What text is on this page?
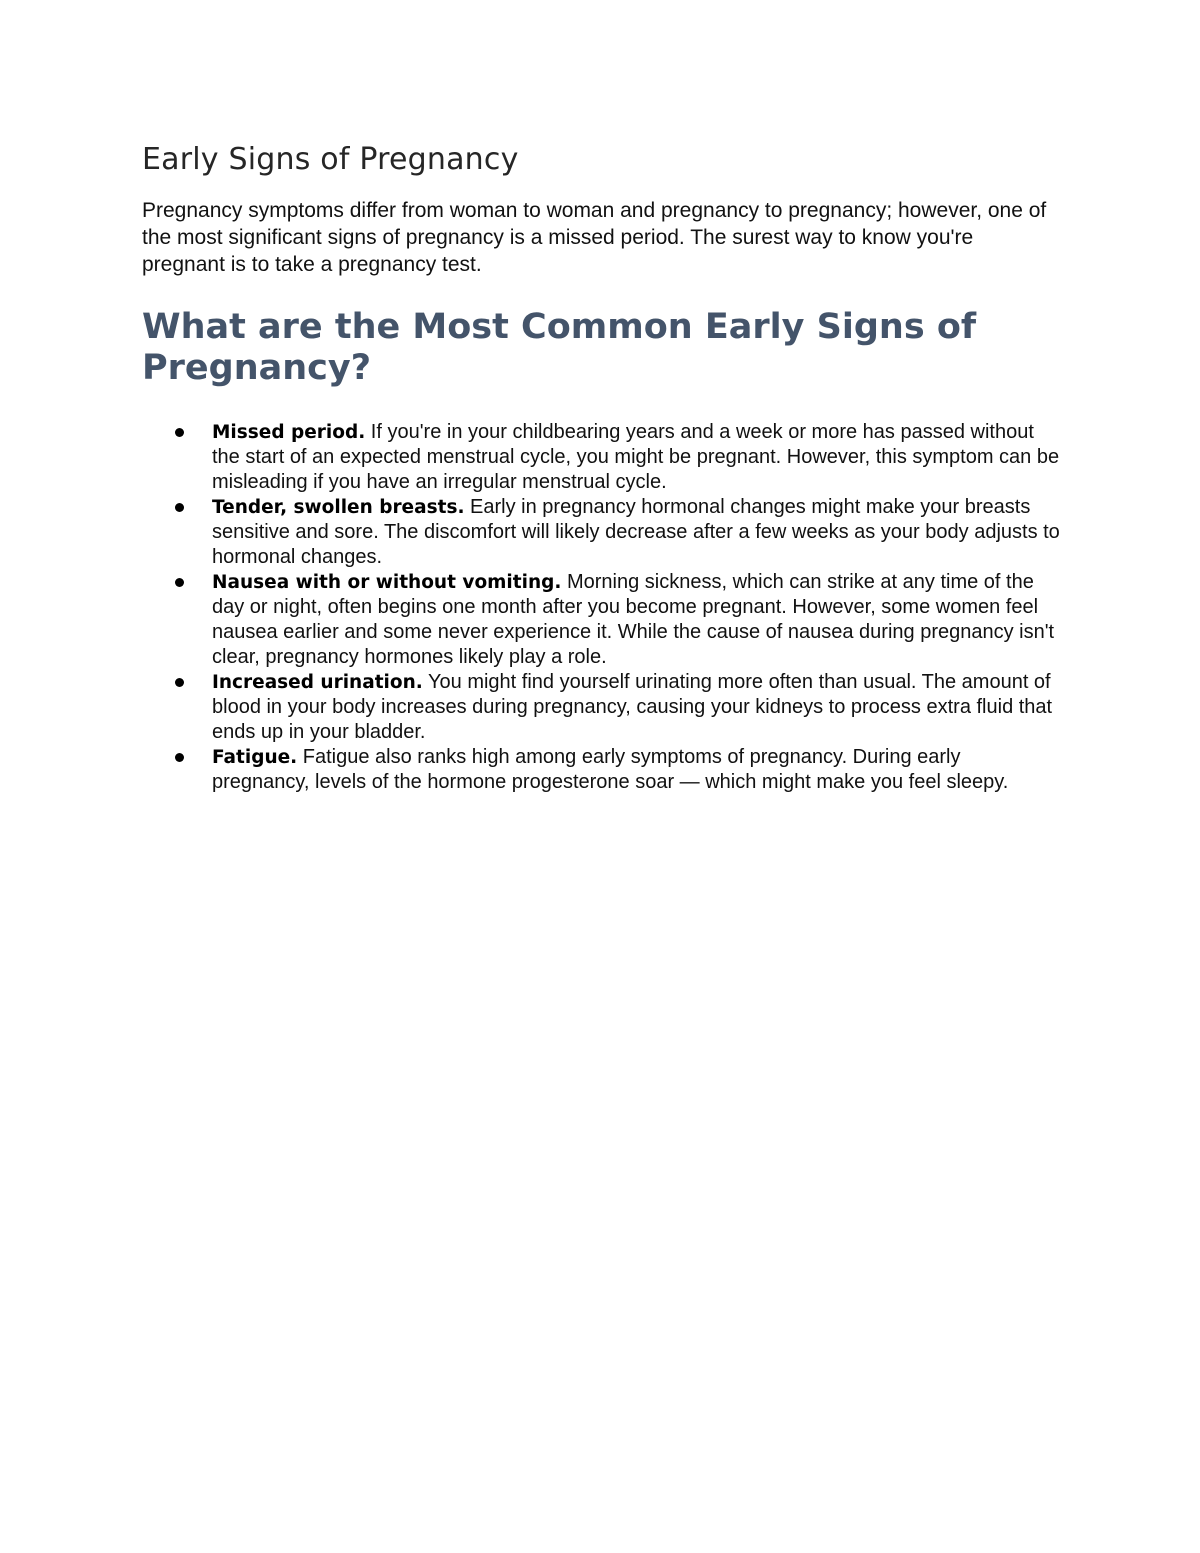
Early Signs of Pregnancy

Pregnancy symptoms differ from woman to woman and pregnancy to pregnancy; however, one of the most significant signs of pregnancy is a missed period. The surest way to know you're pregnant is to take a pregnancy test.

What are the Most Common Early Signs of Pregnancy?
Missed period. If you're in your childbearing years and a week or more has passed without the start of an expected menstrual cycle, you might be pregnant. However, this symptom can be misleading if you have an irregular menstrual cycle.
Tender, swollen breasts. Early in pregnancy hormonal changes might make your breasts sensitive and sore. The discomfort will likely decrease after a few weeks as your body adjusts to hormonal changes.
Nausea with or without vomiting. Morning sickness, which can strike at any time of the day or night, often begins one month after you become pregnant. However, some women feel nausea earlier and some never experience it. While the cause of nausea during pregnancy isn't clear, pregnancy hormones likely play a role.
Increased urination. You might find yourself urinating more often than usual. The amount of blood in your body increases during pregnancy, causing your kidneys to process extra fluid that ends up in your bladder.
Fatigue. Fatigue also ranks high among early symptoms of pregnancy. During early pregnancy, levels of the hormone progesterone soar — which might make you feel sleepy.
